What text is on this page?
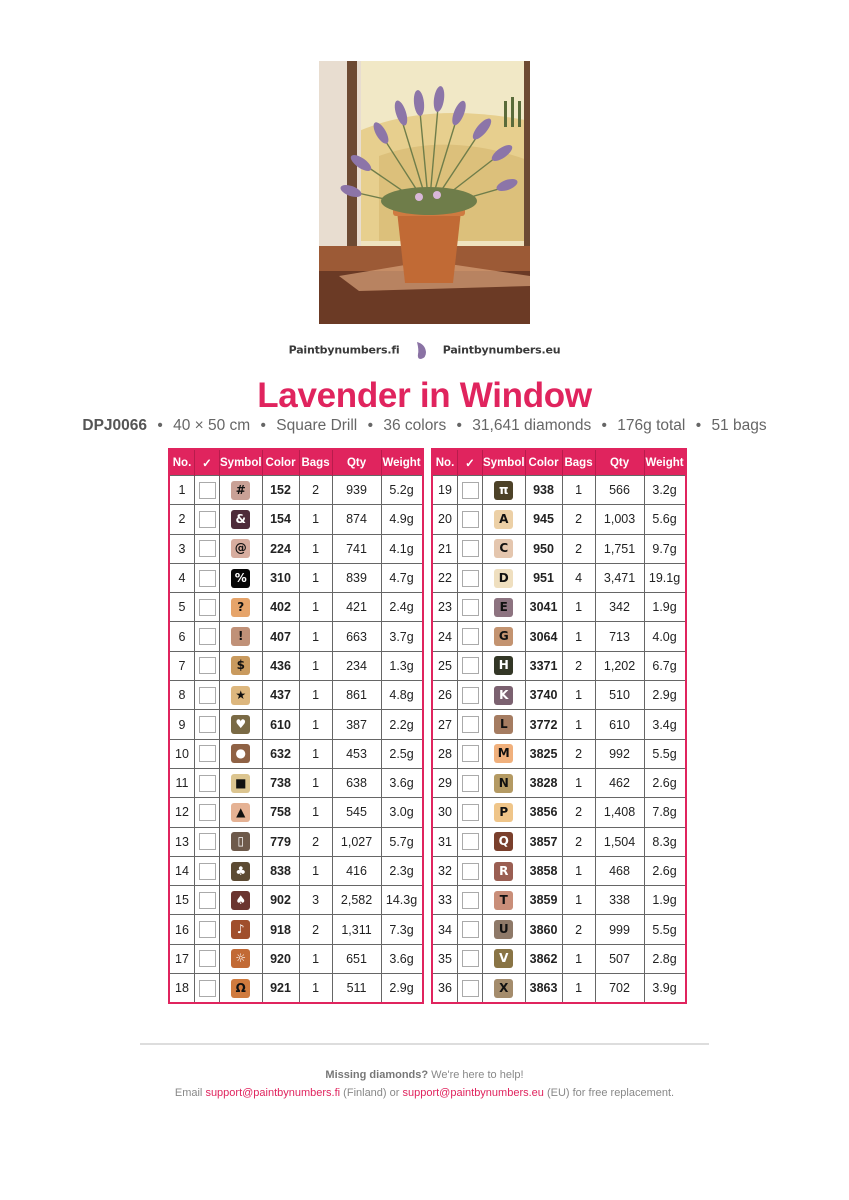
Paintbynumbers.fi	Paintbynumbers.eu
Lavender in Window
DPJ0066 • 40 × 50 cm • Square Drill • 36 colors • 31,641 diamonds • 176g total • 51 bags
No.	✓	Symbol	Color	Bags	Qty	Weight
1		#	152	2	939	5.2g
2		&	154	1	874	4.9g
3		@	224	1	741	4.1g
4		%	310	1	839	4.7g
5		?	402	1	421	2.4g
6		!	407	1	663	3.7g
7		$	436	1	234	1.3g
8		★	437	1	861	4.8g
9		♥	610	1	387	2.2g
10		●	632	1	453	2.5g
11		■	738	1	638	3.6g
12		▲	758	1	545	3.0g
13		▯	779	2	1,027	5.7g
14		♣	838	1	416	2.3g
15		♠	902	3	2,582	14.3g
16		♪	918	2	1,311	7.3g
17		☼	920	1	651	3.6g
18		Ω	921	1	511	2.9g
No.	✓	Symbol	Color	Bags	Qty	Weight
19		π	938	1	566	3.2g
20		A	945	2	1,003	5.6g
21		C	950	2	1,751	9.7g
22		D	951	4	3,471	19.1g
23		E	3041	1	342	1.9g
24		G	3064	1	713	4.0g
25		H	3371	2	1,202	6.7g
26		K	3740	1	510	2.9g
27		L	3772	1	610	3.4g
28		M	3825	2	992	5.5g
29		N	3828	1	462	2.6g
30		P	3856	2	1,408	7.8g
31		Q	3857	2	1,504	8.3g
32		R	3858	1	468	2.6g
33		T	3859	1	338	1.9g
34		U	3860	2	999	5.5g
35		V	3862	1	507	2.8g
36		X	3863	1	702	3.9g
Missing diamonds? We're here to help!
Email support@paintbynumbers.fi (Finland) or support@paintbynumbers.eu (EU) for free replacement.
